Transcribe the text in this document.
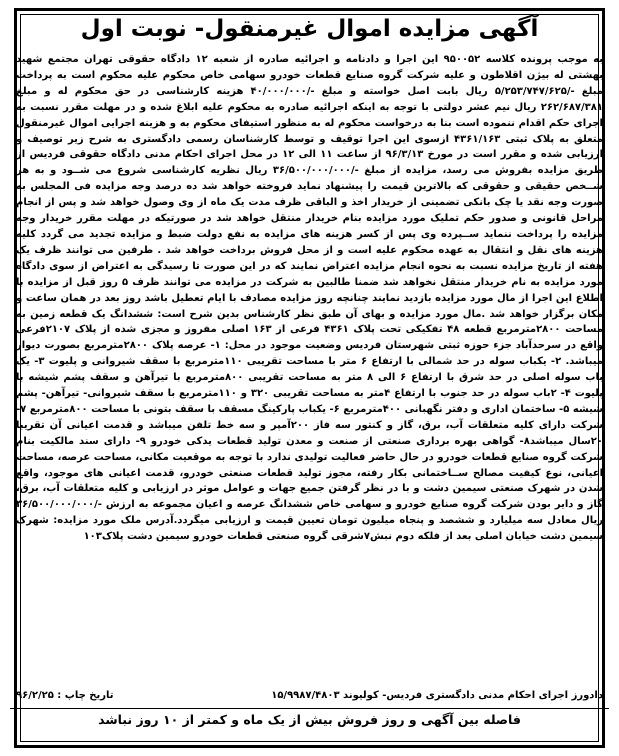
آگهی مزایده اموال غیرمنقول- نوبت اول

به موجب پرونده کلاسه ۹۵۰۰۵۲ این اجرا و دادنامه و اجرائیه صادره از شعبه ۱۲ دادگاه حقوقی تهران مجتمع شهید بهشتی له بیژن اقلاطون و علیه شرکت گروه صنایع قطعات خودرو سهامی خاص محکوم علیه محکوم است به پرداخت مبلغ -/۵/۲۵۳/۷۴۷/۶۲۵ ریال بابت اصل خواسته و مبلغ -/۴۰/۰۰۰/۰۰۰ هزینه کارشناسی در حق محکوم له و مبلغ ۲۶۲/۶۸۷/۳۸۱ ریال نیم عشر دولتی با توجه به اینکه اجرائیه صادره به محکوم علیه ابلاغ شده و در مهلت مقرر نسبت به اجرای حکم اقدام ننموده است بنا به درخواست محکوم له به منظور استیفای محکوم به و هزینه اجرایی اموال غیرمنقول متعلق به پلاک ثبتی ۴۳۶۱/۱۶۳ ازسوی این اجرا توقیف و توسط کارشناسان رسمی دادگستری به شرح زیر توصیف و ارزیابی شده و مقرر است در مورخ ۹۶/۳/۱۳ از ساعت ۱۱ الی ۱۲ در محل اجرای احکام مدنی دادگاه حقوقی فردیس از طریق مزایده بفروش می رسد، مزایده از مبلغ -/۳۶/۵۰۰/۰۰۰/۰۰۰ ریال نظریه کارشناسی شروع می شــود و به هر شــخص حقیقی و حقوقی که بالاترین قیمت را پیشنهاد نماید فروخته خواهد شد ده درصد وجه مزایده فی المجلس به صورت وجه نقد یا چک بانکی تضمینی از خریدار اخذ و الباقی ظرف مدت یک ماه از وی وصول خواهد شد و پس از انجام مراحل قانونی و صدور حکم تملیک مورد مزایده بنام خریدار منتقل خواهد شد در صورتیکه در مهلت مقرر خریدار وجه مزایده را پرداخت ننماید ســپرده وی پس از کسر هزینه های مزایده به نفع دولت ضبط و مزایده تجدید می گردد کلیه هزینه های نقل و انتقال به عهده محکوم علیه است و از محل فروش برداخت خواهد شد . طرفین می توانند ظرف یک هفته از تاریخ مزایده نسبت به نحوه انجام مزایده اعتراض نمایند که در این صورت تا رسیدگی به اعتراض از سوی دادگاه مورد مزایده به نام خریدار منتقل نخواهد شد ضمنا طالبین به شرکت در مزایده می توانند ظرف ۵ روز قبل از مزایده با اطلاع این اجرا از مال مورد مزایده بازدید نمایند چنانچه روز مزایده مصادف با ایام تعطیل باشد روز بعد در همان ساعت و مکان برگزار خواهد شد .مال مورد مزایده و بهای آن طبق نظر کارشناس بدین شرح است: ششدانگ یک قطعه زمین به مساحت ۲۸۰۰مترمربع قطعه ۴۸ تفکیکی تحت پلاک ۴۳۶۱ فرعی از ۱۶۳ اصلی مفروز و مجزی شده از پلاک ۲۱۰۷فرعی واقع در سرحدآباد جزء حوزه ثبتی شهرستان فردیس وضعیت موجود در محل: ۱- عرصه پلاک ۲۸۰۰مترمربع بصورت دیوار میباشد. ۲- یکباب سوله در حد شمالی با ارتفاع ۶ متر با مساحت تقریبی ۱۱۰مترمربع با سقف شیروانی و پلیوت ۳- یک باب سوله اصلی در حد شرق با ارتفاع ۶ الی ۸ متر به مساحت تقریبی ۸۰۰مترمربع با تیرآهن و سقف پشم شیشه با پلیوت ۴- ۲باب سوله در حد جنوب با ارتفاع ۴متر به مساحت تقریبی ۳۲۰ و ۱۱۰مترمربع با سقف شیروانی- تیرآهن- پشم شیشه ۵- ساختمان اداری و دفتر نگهبانی ۴۰۰مترمربع ۶- یکباب پارکینگ مسقف با سقف بتونی با مساحت ۸۰۰مترمربع ۷- شرکت دارای کلیه متعلقات آب، برق، گاز و کنتور سه فاز ۲۰۰آمپر و سه خط تلفن میباشد و قدمت اعیانی آن تقریبا ۲۰سال میباشد۸- گواهی بهره برداری صنعتی از صنعت و معدن تولید قطعات یدکی خودرو ۹- دارای سند مالکیت بنام شرکت گروه صنایع قطعات خودرو در حال حاضر فعالیت تولیدی ندارد با توجه به موقعیت مکانی، مساحت عرصه، مساحت اعیانی، نوع کیفیت مصالح ســاختمانی بکار رفته، مجوز تولید قطعات صنعتی خودرو، قدمت اعیانی های موجود، واقع شدن در شهرک صنعتی سیمین دشت و با در نظر گرفتن جمیع جهات و عوامل موثر در ارزیابی و کلیه متعلقات آب، برق، گاز و دایر بودن شرکت گروه صنایع خودرو و سهامی خاص ششدانگ عرصه و اعیان مجموعه به ارزش -/۳۶/۵۰۰/۰۰۰/۰۰۰ ریال معادل سه میلیارد و ششصد و پنجاه میلیون تومان تعیین قیمت و ارزیابی میگردد.آدرس ملک مورد مزایده: شهرک سیمین دشت خیابان اصلی بعد از فلکه دوم نبش۷شرقی گروه صنعتی قطعات خودرو سیمین دشت پلاک۱۰۳

دادورز اجرای احکام مدنی دادگستری فردیس- کولیوند ۱۵/۹۹۸۷/۴۸۰۳
تاریخ چاپ : ۹۶/۲/۲۵
فاصله بین آگهی و روز فروش بیش از یک ماه و کمتر از ۱۰ روز نباشد
